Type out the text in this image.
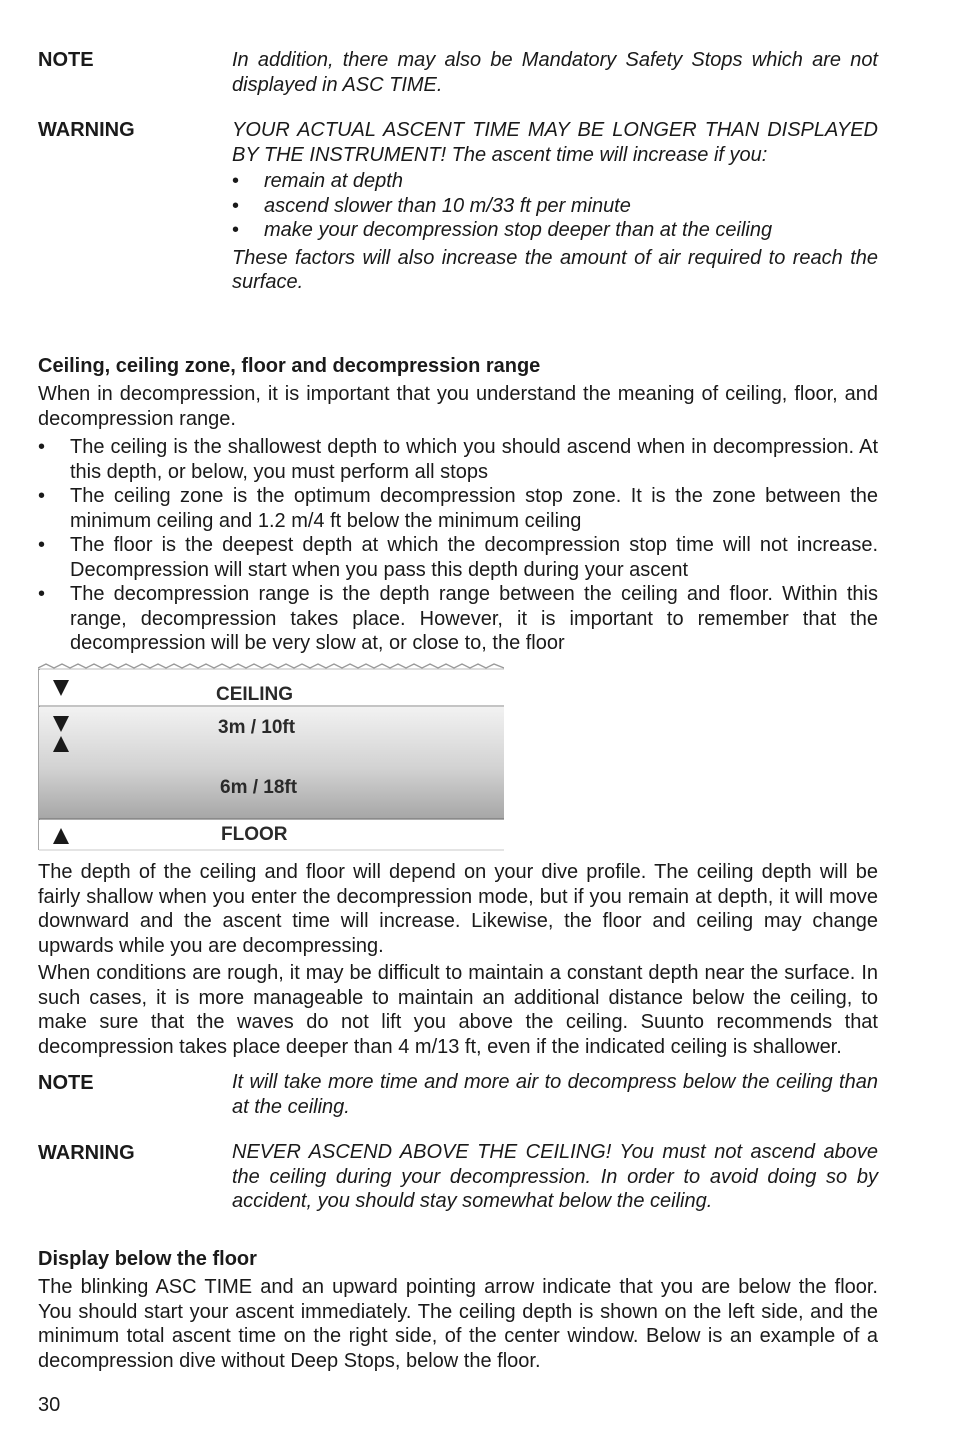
NOTE	In addition, there may also be Mandatory Safety Stops which are not displayed in ASC TIME.
WARNING	YOUR ACTUAL ASCENT TIME MAY BE LONGER THAN DISPLAYED BY THE INSTRUMENT! The ascent time will increase if you:

• remain at depth
• ascend slower than 10 m/33 ft per minute
• make your decompression stop deeper than at the ceiling

These factors will also increase the amount of air required to reach the surface.

Ceiling, ceiling zone, floor and decompression range
When in decompression, it is important that you understand the meaning of ceiling, floor, and decompression range.
• The ceiling is the shallowest depth to which you should ascend when in decompression. At this depth, or below, you must perform all stops
• The ceiling zone is the optimum decompression stop zone. It is the zone between the minimum ceiling and 1.2 m/4 ft below the minimum ceiling
• The floor is the deepest depth at which the decompression stop time will not increase. Decompression will start when you pass this depth during your ascent
• The decompression range is the depth range between the ceiling and floor. Within this range, decompression takes place. However, it is important to remember that the decompression will be very slow at, or close to, the floor
CEILING
3m / 10ft
6m / 18ft
FLOOR
The depth of the ceiling and floor will depend on your dive profile. The ceiling depth will be fairly shallow when you enter the decompression mode, but if you remain at depth, it will move downward and the ascent time will increase. Likewise, the floor and ceiling may change upwards while you are decompressing.
When conditions are rough, it may be difficult to maintain a constant depth near the surface. In such cases, it is more manageable to maintain an additional distance below the ceiling, to make sure that the waves do not lift you above the ceiling. Suunto recommends that decompression takes place deeper than 4 m/13 ft, even if the indicated ceiling is shallower.
NOTE	It will take more time and more air to decompress below the ceiling than at the ceiling.
WARNING	NEVER ASCEND ABOVE THE CEILING! You must not ascend above the ceiling during your decompression. In order to avoid doing so by accident, you should stay somewhat below the ceiling.
Display below the floor
The blinking ASC TIME and an upward pointing arrow indicate that you are below the floor. You should start your ascent immediately. The ceiling depth is shown on the left side, and the minimum total ascent time on the right side, of the center window. Below is an example of a decompression dive without Deep Stops, below the floor.
30
